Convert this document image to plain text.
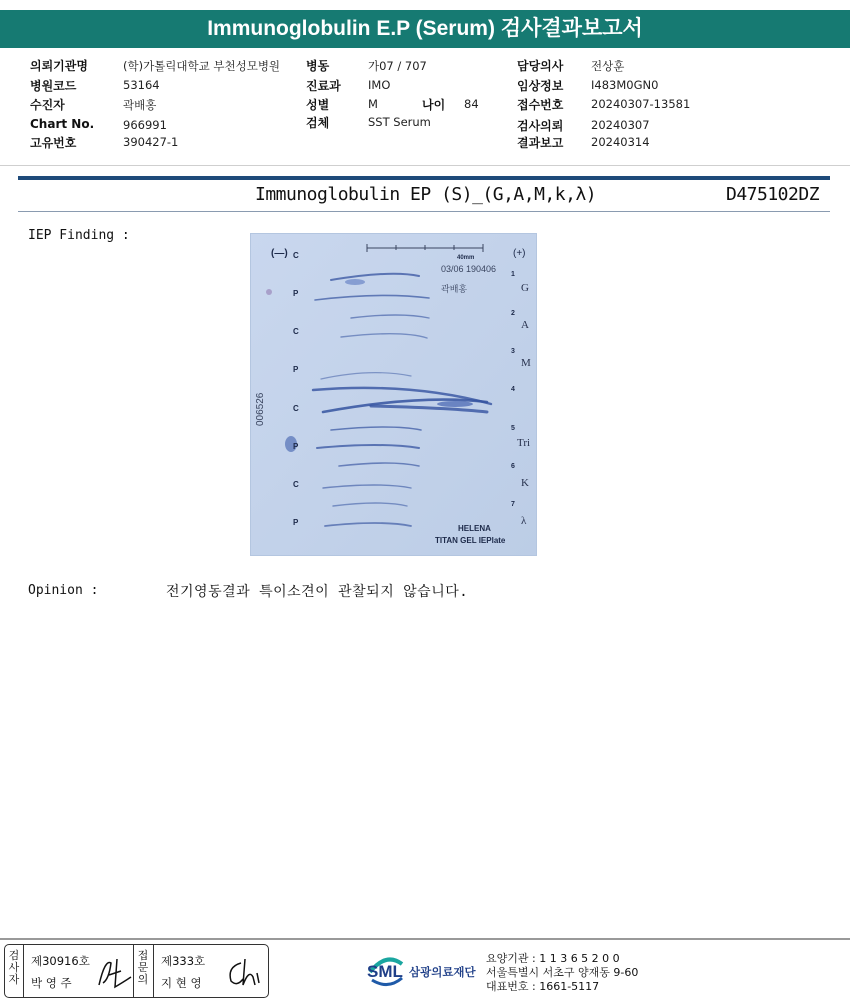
Immunoglobulin E.P (Serum) 검사결과보고서
의뢰기관명	(학)가톨릭대학교 부천성모병원
병원코드	53164
수진자	곽배홍
Chart No.	966991
고유번호	390427-1
병동	가07 / 707
진료과 IMO
성별	M	나이 84
검체	SST Serum
담당의사 전상훈
임상정보 I483M0GN0
접수번호 20240307-13581
검사의뢰 20240307
결과보고 20240314
Immunoglobulin EP (S)_(G,A,M,k,λ)	D475102DZ
IEP Finding :
(—)	(+)
40mm
03/06 190406
곽배홍
006526
HELENA
TITAN GEL IEPlate
C
P
C
P
C
P
C
P
1
2
3
4
5
6
7
G
A
M
Tri
K
λ
Opinion :	전기영동결과 특이소견이 관찰되지 않습니다.
검사자
제30916호
박 영 주
접문의
제333호
지 현 영
SML 삼광의료재단
요양기관 : 1 1 3 6 5 2 0 0
서울특별시 서초구 양재동 9-60
대표번호 : 1661-5117
